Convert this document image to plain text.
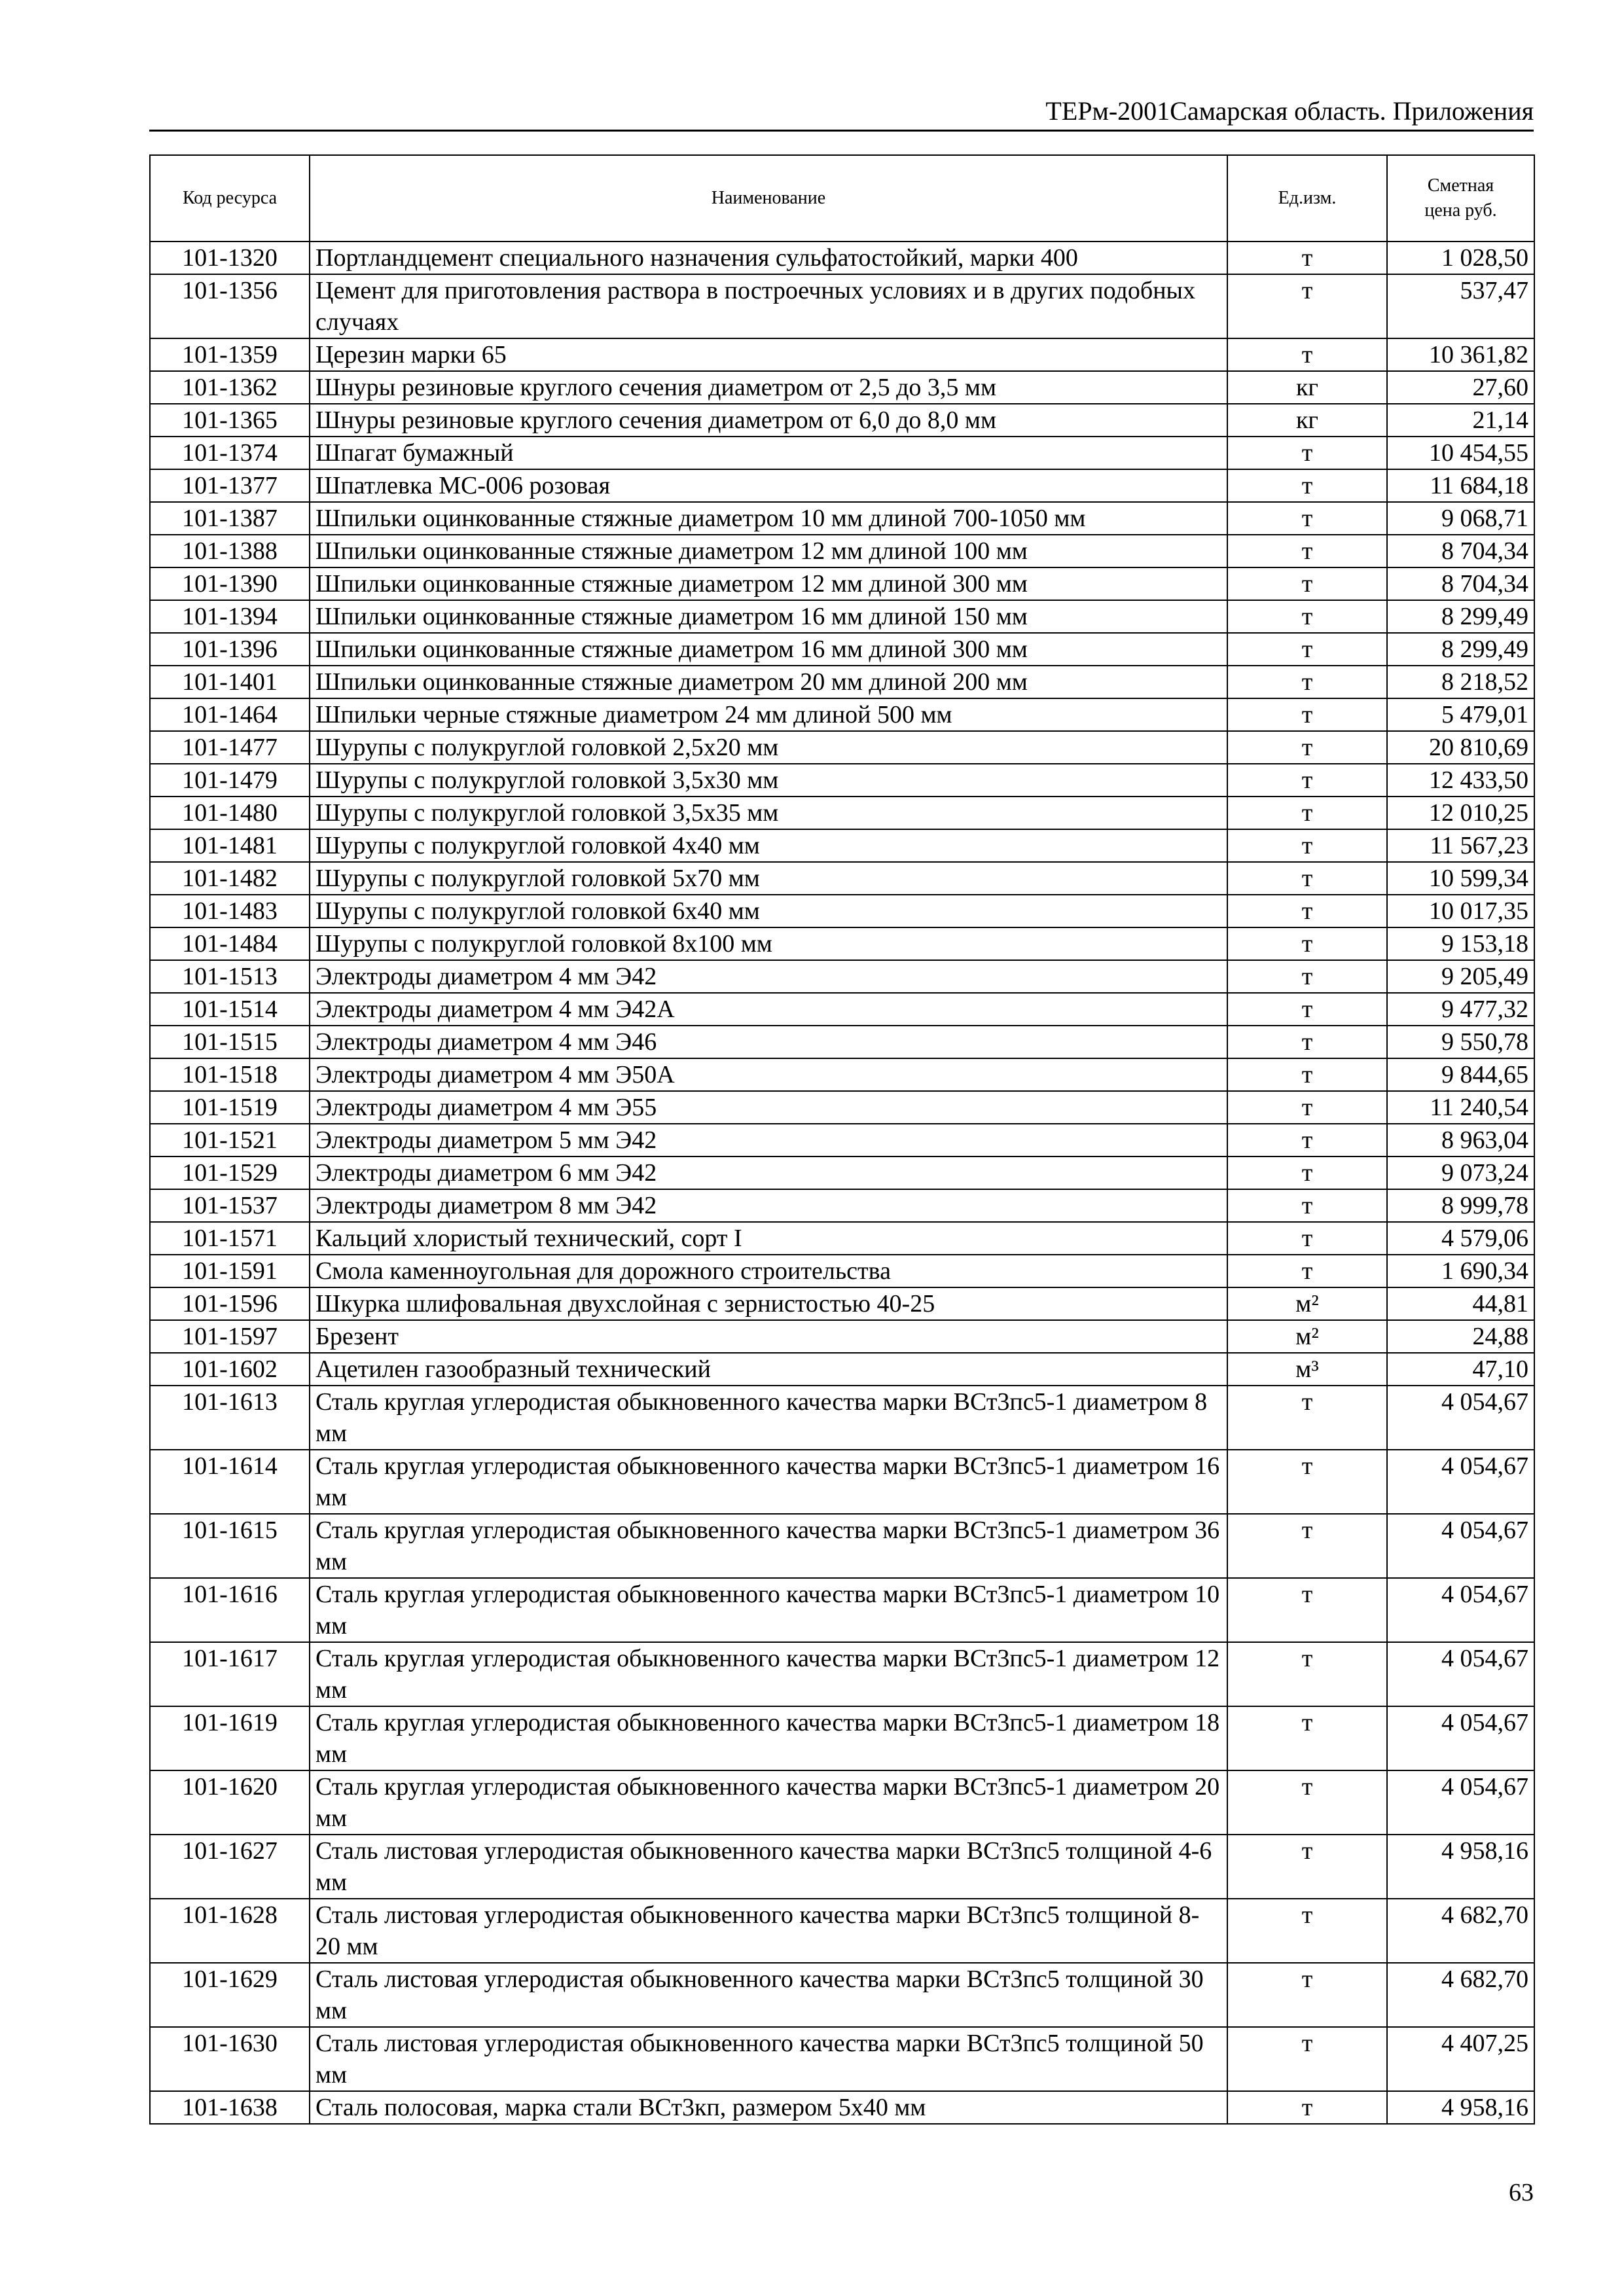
ТЕРм-2001Самарская область. Приложения
Код ресурса	Наименование	Ед.изм.	Сметная цена руб.
101-1320	Портландцемент специального назначения сульфатостойкий, марки 400	т	1 028,50
101-1356	Цемент для приготовления раствора в построечных условиях и в других подобных случаях	т	537,47
101-1359	Церезин марки 65	т	10 361,82
101-1362	Шнуры резиновые круглого сечения диаметром от 2,5 до 3,5 мм	кг	27,60
101-1365	Шнуры резиновые круглого сечения диаметром от 6,0 до 8,0 мм	кг	21,14
101-1374	Шпагат бумажный	т	10 454,55
101-1377	Шпатлевка МС-006 розовая	т	11 684,18
101-1387	Шпильки оцинкованные стяжные диаметром 10 мм длиной 700-1050 мм	т	9 068,71
101-1388	Шпильки оцинкованные стяжные диаметром 12 мм длиной 100 мм	т	8 704,34
101-1390	Шпильки оцинкованные стяжные диаметром 12 мм длиной 300 мм	т	8 704,34
101-1394	Шпильки оцинкованные стяжные диаметром 16 мм длиной 150 мм	т	8 299,49
101-1396	Шпильки оцинкованные стяжные диаметром 16 мм длиной 300 мм	т	8 299,49
101-1401	Шпильки оцинкованные стяжные диаметром 20 мм длиной 200 мм	т	8 218,52
101-1464	Шпильки черные стяжные диаметром 24 мм длиной 500 мм	т	5 479,01
101-1477	Шурупы с полукруглой головкой 2,5х20 мм	т	20 810,69
101-1479	Шурупы с полукруглой головкой 3,5х30 мм	т	12 433,50
101-1480	Шурупы с полукруглой головкой 3,5х35 мм	т	12 010,25
101-1481	Шурупы с полукруглой головкой 4х40 мм	т	11 567,23
101-1482	Шурупы с полукруглой головкой 5х70 мм	т	10 599,34
101-1483	Шурупы с полукруглой головкой 6х40 мм	т	10 017,35
101-1484	Шурупы с полукруглой головкой 8х100 мм	т	9 153,18
101-1513	Электроды диаметром 4 мм Э42	т	9 205,49
101-1514	Электроды диаметром 4 мм Э42А	т	9 477,32
101-1515	Электроды диаметром 4 мм Э46	т	9 550,78
101-1518	Электроды диаметром 4 мм Э50А	т	9 844,65
101-1519	Электроды диаметром 4 мм Э55	т	11 240,54
101-1521	Электроды диаметром 5 мм Э42	т	8 963,04
101-1529	Электроды диаметром 6 мм Э42	т	9 073,24
101-1537	Электроды диаметром 8 мм Э42	т	8 999,78
101-1571	Кальций хлористый технический, сорт I	т	4 579,06
101-1591	Смола каменноугольная для дорожного строительства	т	1 690,34
101-1596	Шкурка шлифовальная двухслойная с зернистостью 40-25	м²	44,81
101-1597	Брезент	м²	24,88
101-1602	Ацетилен газообразный технический	м³	47,10
101-1613	Сталь круглая углеродистая обыкновенного качества марки ВСт3пс5-1 диаметром 8 мм	т	4 054,67
101-1614	Сталь круглая углеродистая обыкновенного качества марки ВСт3пс5-1 диаметром 16 мм	т	4 054,67
101-1615	Сталь круглая углеродистая обыкновенного качества марки ВСт3пс5-1 диаметром 36 мм	т	4 054,67
101-1616	Сталь круглая углеродистая обыкновенного качества марки ВСт3пс5-1 диаметром 10 мм	т	4 054,67
101-1617	Сталь круглая углеродистая обыкновенного качества марки ВСт3пс5-1 диаметром 12 мм	т	4 054,67
101-1619	Сталь круглая углеродистая обыкновенного качества марки ВСт3пс5-1 диаметром 18 мм	т	4 054,67
101-1620	Сталь круглая углеродистая обыкновенного качества марки ВСт3пс5-1 диаметром 20 мм	т	4 054,67
101-1627	Сталь листовая углеродистая обыкновенного качества марки ВСт3пс5 толщиной 4-6 мм	т	4 958,16
101-1628	Сталь листовая углеродистая обыкновенного качества марки ВСт3пс5 толщиной 8-20 мм	т	4 682,70
101-1629	Сталь листовая углеродистая обыкновенного качества марки ВСт3пс5 толщиной 30 мм	т	4 682,70
101-1630	Сталь листовая углеродистая обыкновенного качества марки ВСт3пс5 толщиной 50 мм	т	4 407,25
101-1638	Сталь полосовая, марка стали ВСт3кп, размером 5х40 мм	т	4 958,16
63
